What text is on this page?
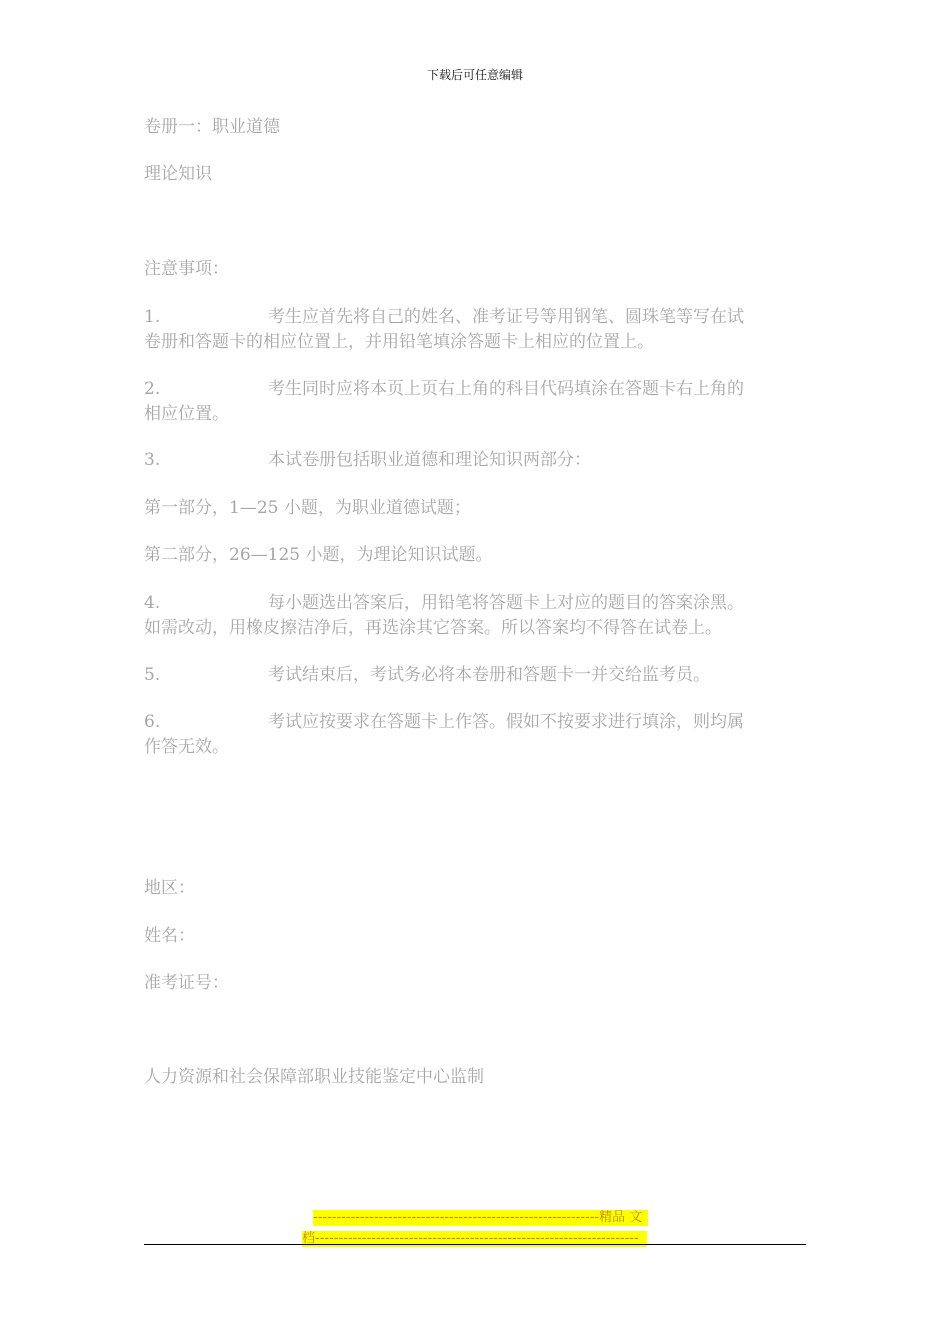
下载后可任意编辑

卷册一：职业道德

理论知识

注意事项：

1.	考生应首先将自己的姓名、准考证号等用钢笔、圆珠笔等写在试
卷册和答题卡的相应位置上，并用铅笔填涂答题卡上相应的位置上。

2.	考生同时应将本页上页右上角的科目代码填涂在答题卡右上角的
相应位置。

3.	本试卷册包括职业道德和理论知识两部分：

第一部分，1—25 小题，为职业道德试题；

第二部分，26—125 小题，为理论知识试题。

4.	每小题选出答案后，用铅笔将答题卡上对应的题目的答案涂黑。
如需改动，用橡皮擦洁净后，再选涂其它答案。所以答案均不得答在试卷上。

5.	考试结束后，考试务必将本卷册和答题卡一并交给监考员。

6.	考试应按要求在答题卡上作答。假如不按要求进行填涂，则均属
作答无效。

地区：

姓名：

准考证号：

人力资源和社会保障部职业技能鉴定中心监制

-------------------------------------------------------------精品 文
档---------------------------------------------------------------------
